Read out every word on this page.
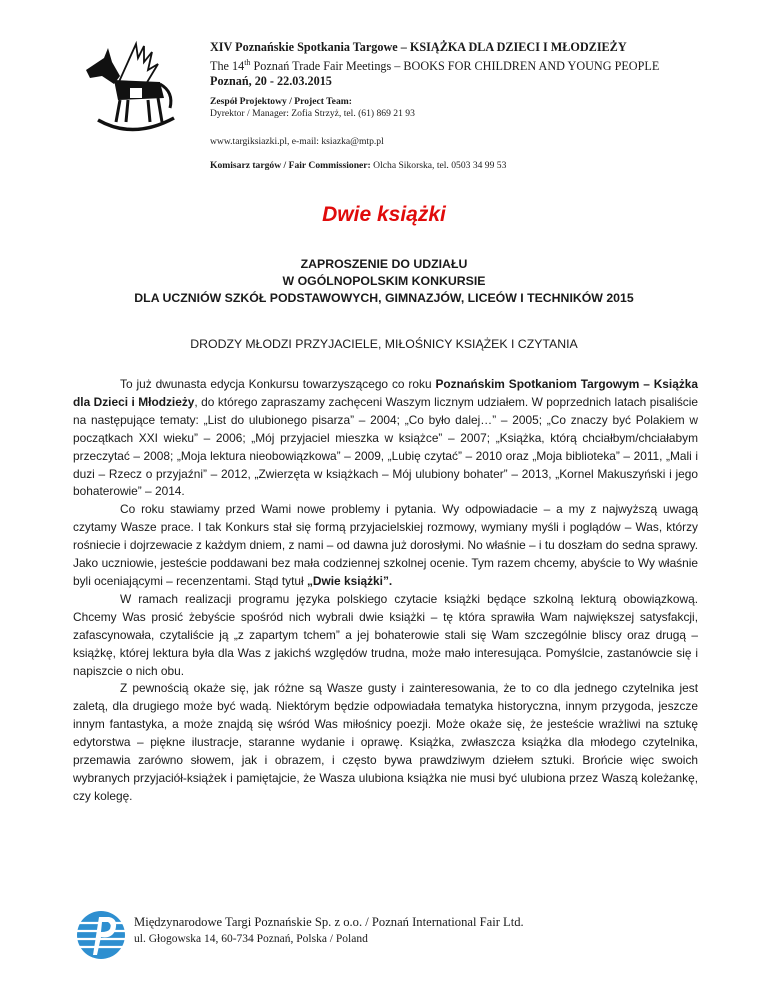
XIV Poznańskie Spotkania Targowe – KSIĄŻKA DLA DZIECI I MŁODZIEŻY
The 14th Poznań Trade Fair Meetings – BOOKS FOR CHILDREN AND YOUNG PEOPLE
Poznań, 20 - 22.03.2015
Zespół Projektowy / Project Team:
Dyrektor / Manager: Zofia Strzyż, tel. (61) 869 21 93
www.targiksiazki.pl, e-mail: ksiazka@mtp.pl
Komisarz targów / Fair Commissioner: Olcha Sikorska, tel. 0503 34 99 53
Dwie książki
ZAPROSZENIE DO UDZIAŁU
W OGÓLNOPOLSKIM KONKURSIE
DLA UCZNIÓW SZKÓŁ PODSTAWOWYCH, GIMNAZJÓW, LICEÓW I TECHNIKÓW 2015
DRODZY MŁODZI PRZYJACIELE, MIŁOŚNICY KSIĄŻEK I CZYTANIA

To już dwunasta edycja Konkursu towarzyszącego co roku Poznańskim Spotkaniom Targowym – Książka dla Dzieci i Młodzieży, do którego zapraszamy zachęceni Waszym licznym udziałem. W poprzednich latach pisaliście na następujące tematy: „List do ulubionego pisarza” – 2004; „Co było dalej…” – 2005; „Co znaczy być Polakiem w początkach XXI wieku” – 2006; „Mój przyjaciel mieszka w książce” – 2007; „Książka, którą chciałbym/chciałabym przeczytać – 2008; „Moja lektura nieobowiązkowa” – 2009, „Lubię czytać” – 2010 oraz „Moja biblioteka” – 2011, „Mali i duzi – Rzecz o przyjaźni” – 2012, „Zwierzęta w książkach – Mój ulubiony bohater” – 2013, „Kornel Makuszyński i jego bohaterowie” – 2014.

Co roku stawiamy przed Wami nowe problemy i pytania. Wy odpowiadacie – a my z najwyższą uwagą czytamy Wasze prace. I tak Konkurs stał się formą przyjacielskiej rozmowy, wymiany myśli i poglądów – Was, którzy rośniecie i dojrzewacie z każdym dniem, z nami – od dawna już dorosłymi. No właśnie – i tu doszłam do sedna sprawy. Jako uczniowie, jesteście poddawani bez mała codziennej szkolnej ocenie. Tym razem chcemy, abyście to Wy właśnie byli oceniającymi – recenzentami. Stąd tytuł „Dwie książki”.

W ramach realizacji programu języka polskiego czytacie książki będące szkolną lekturą obowiązkową. Chcemy Was prosić żebyście spośród nich wybrali dwie książki – tę która sprawiła Wam największej satysfakcji, zafascynowała, czytaliście ją „z zapartym tchem” a jej bohaterowie stali się Wam szczególnie bliscy oraz drugą – książkę, której lektura była dla Was z jakichś względów trudna, może mało interesująca. Pomyślcie, zastanówcie się i napiszcie o nich obu.

Z pewnością okaże się, jak różne są Wasze gusty i zainteresowania, że to co dla jednego czytelnika jest zaletą, dla drugiego może być wadą. Niektórym będzie odpowiadała tematyka historyczna, innym przygoda, jeszcze innym fantastyka, a może znajdą się wśród Was miłośnicy poezji. Może okaże się, że jesteście wrażliwi na sztukę edytorstwa – piękne ilustracje, staranne wydanie i oprawę. Książka, zwłaszcza książka dla młodego czytelnika, przemawia zarówno słowem, jak i obrazem, i często bywa prawdziwym dziełem sztuki. Brońcie więc swoich wybranych przyjaciół-książek i pamiętajcie, że Wasza ulubiona książka nie musi być ulubiona przez Waszą koleżankę, czy kolegę.

Międzynarodowe Targi Poznańskie Sp. z o.o. / Poznań International Fair Ltd.
ul. Głogowska 14, 60-734 Poznań, Polska / Poland
